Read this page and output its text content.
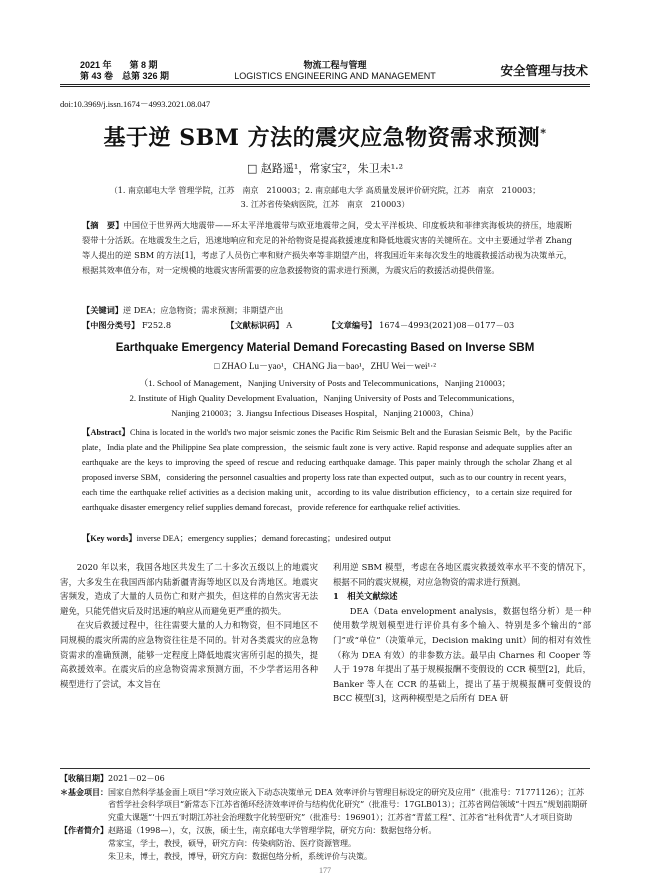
2021 年　　第 8 期
第 43 卷　总第 326 期
物流工程与管理
LOGISTICS ENGINEERING AND MANAGEMENT	安全管理与技术
doi:10.3969/j.issn.1674－4993.2021.08.047
基于逆 SBM 方法的震灾应急物资需求预测*
□ 赵路遥¹，常家宝²，朱卫未¹·²
（1. 南京邮电大学 管理学院，江苏　南京　210003；2. 南京邮电大学 高质量发展评价研究院，江苏　南京　210003；
3. 江苏省传染病医院，江苏　南京　210003）
【摘　要】中国位于世界两大地震带——环太平洋地震带与欧亚地震带之间，受太平洋板块、印度板块和菲律宾海板块的挤压，地震断裂带十分活跃。在地震发生之后，迅速地响应和充足的补给物资是提高救援速度和降低地震灾害的关键所在。文中主要通过学者 Zhang 等人提出的逆 SBM 的方法[1]，考虑了人员伤亡率和财产损失率等非期望产出，将我国近年来每次发生的地震救援活动视为决策单元，根据其效率值分布，对一定规模的地震灾害所需要的应急救援物资的需求进行预测，为震灾后的救援活动提供借鉴。
【关键词】逆 DEA；应急物资；需求预测；非期望产出
【中图分类号】 F252.8	【文献标识码】 A	【文章编号】 1674－4993(2021)08－0177－03
Earthquake Emergency Material Demand Forecasting Based on Inverse SBM
□ ZHAO Lu－yao¹，CHANG Jia－bao¹，ZHU Wei－wei¹·²
（1. School of Management，Nanjing University of Posts and Telecommunications，Nanjing 210003；
2. Institute of High Quality Development Evaluation，Nanjing University of Posts and Telecommunications，
Nanjing 210003；3. Jiangsu Infectious Diseases Hospital，Nanjing 210003，China）
【Abstract】China is located in the world's two major seismic zones the Pacific Rim Seismic Belt and the Eurasian Seismic Belt，by the Pacific plate，India plate and the Philippine Sea plate compression，the seismic fault zone is very active. Rapid response and adequate supplies after an earthquake are the keys to improving the speed of rescue and reducing earthquake damage. This paper mainly through the scholar Zhang et al proposed inverse SBM，considering the personnel casualties and property loss rate than expected output，such as to our country in recent years，each time the earthquake relief activities as a decision making unit，according to its value distribution efficiency，to a certain size required for earthquake disaster emergency relief supplies demand forecast，provide reference for earthquake relief activities.
【Key words】inverse DEA；emergency supplies；demand forecasting；undesired output

2020 年以来，我国各地区共发生了二十多次五级以上的地震灾害，大多发生在我国西部内陆新疆青海等地区以及台湾地区。地震灾害频发，造成了大量的人员伤亡和财产损失，但这样的自然灾害无法避免，只能凭借灾后及时迅速的响应从而避免更严重的损失。

在灾后救援过程中，往往需要大量的人力和物资，但不同地区不同规模的震灾所需的应急物资往往是不同的。针对各类震灾的应急物资需求的准确预测，能够一定程度上降低地震灾害所引起的损失，提高救援效率。在震灾后的应急物资需求预测方面，不少学者运用各种模型进行了尝试，本文旨在

利用逆 SBM 模型，考虑在各地区震灾救援效率水平不变的情况下，根据不同的震灾规模，对应急物资的需求进行预测。

1　相关文献综述

DEA（Data envelopment analysis，数据包络分析）是一种使用数学规划模型进行评价具有多个输入、特别是多个输出的“部门”或“单位”（决策单元，Decision making unit）间的相对有效性（称为 DEA 有效）的非参数方法。最早由 Charnes 和 Cooper 等人于 1978 年提出了基于规模报酬不变假设的 CCR 模型[2]，此后，Banker 等人在 CCR 的基础上，提出了基于规模报酬可变假设的 BCC 模型[3]，这两种模型是之后所有 DEA 研

【收稿日期】2021－02－06
＊基金项目：国家自然科学基金面上项目“学习效应嵌入下动态决策单元 DEA 效率评价与管理目标设定的研究及应用”（批准号：71771126）；江苏省哲学社会科学项目“新常态下江苏省循环经济效率评价与结构优化研究”（批准号：17GLB013）；江苏省网信领域“十四五”规划前期研究重大课题“‘十四五’时期江苏社会治理数字化转型研究”（批准号：196901）；江苏省“青蓝工程”、江苏省“社科优青”人才项目资助
【作者简介】赵路遥（1998—），女，汉族，硕士生，南京邮电大学管理学院，研究方向：数据包络分析。
常家宝，学士，教授，硕导，研究方向：传染病防治、医疗资源管理。
朱卫未，博士，教授，博导，研究方向：数据包络分析，系统评价与决策。
177
